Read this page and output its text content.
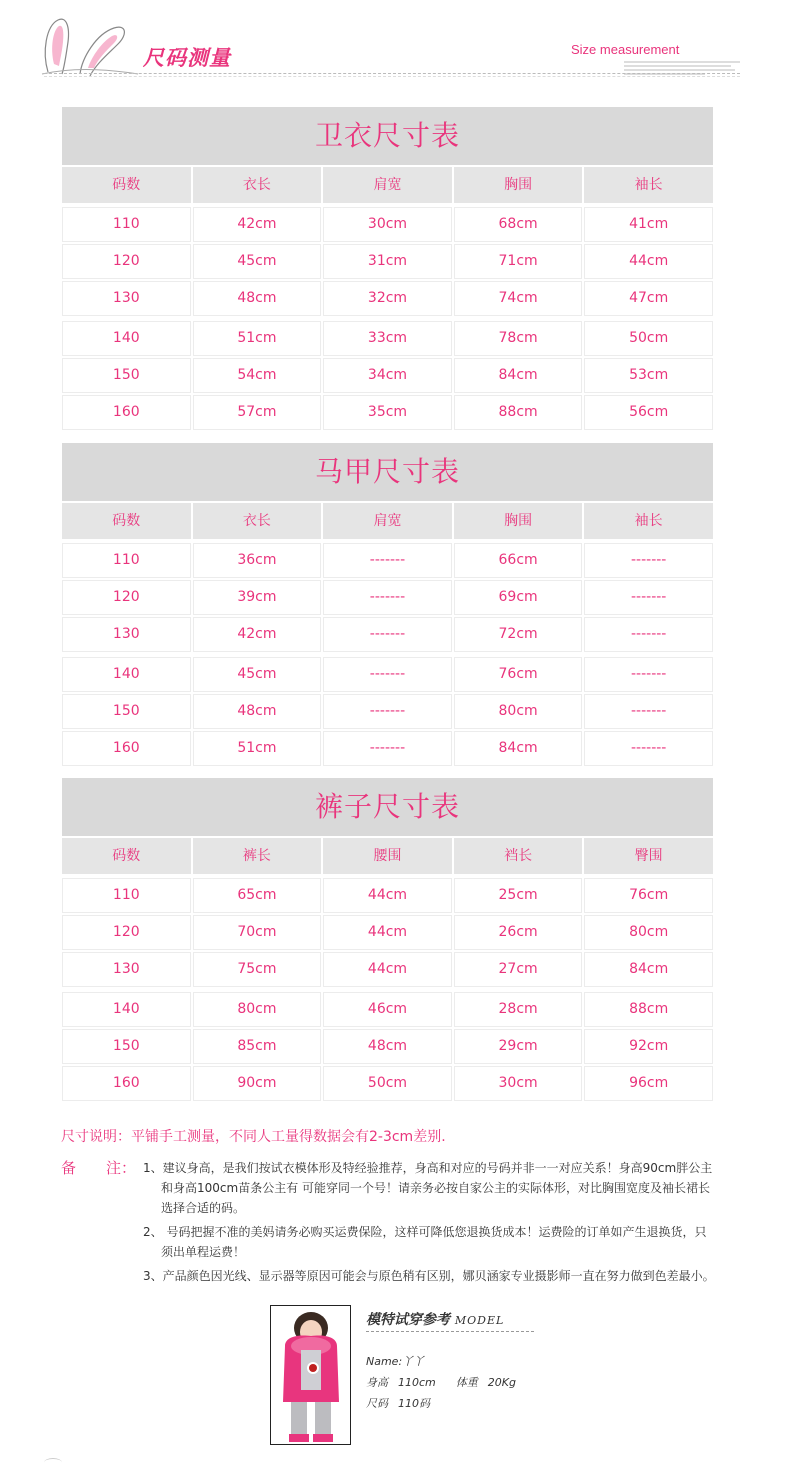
尺码测量	Size measurement
卫衣尺寸表
码数	衣长	肩宽	胸围	袖长
110	42cm	30cm	68cm	41cm
120	45cm	31cm	71cm	44cm
130	48cm	32cm	74cm	47cm
140	51cm	33cm	78cm	50cm
150	54cm	34cm	84cm	53cm
160	57cm	35cm	88cm	56cm
马甲尺寸表
码数	衣长	肩宽	胸围	袖长
110	36cm	-------	66cm	-------
120	39cm	-------	69cm	-------
130	42cm	-------	72cm	-------
140	45cm	-------	76cm	-------
150	48cm	-------	80cm	-------
160	51cm	-------	84cm	-------
裤子尺寸表
码数	裤长	腰围	裆长	臀围
110	65cm	44cm	25cm	76cm
120	70cm	44cm	26cm	80cm
130	75cm	44cm	27cm	84cm
140	80cm	46cm	28cm	88cm
150	85cm	48cm	29cm	92cm
160	90cm	50cm	30cm	96cm
尺寸说明：平铺手工测量，不同人工量得数据会有2-3cm差别.
备 注： 1、建议身高，是我们按试衣模体形及特经验推荐，身高和对应的号码并非一一对应关系！身高90cm胖公主
和身高100cm苗条公主有 可能穿同一个号！请亲务必按自家公主的实际体形，对比胸围宽度及袖长裙长
选择合适的码。
2、 号码把握不准的美妈请务必购买运费保险，这样可降低您退换货成本！运费险的订单如产生退换货，只
须出单程运费！
3、产品颜色因光线、显示器等原因可能会与原色稍有区别，娜贝涵家专业摄影师一直在努力做到色差最小。
模特试穿参考 MODEL
Name:丫丫
身高 110cm 体重 20Kg
尺码 110码
